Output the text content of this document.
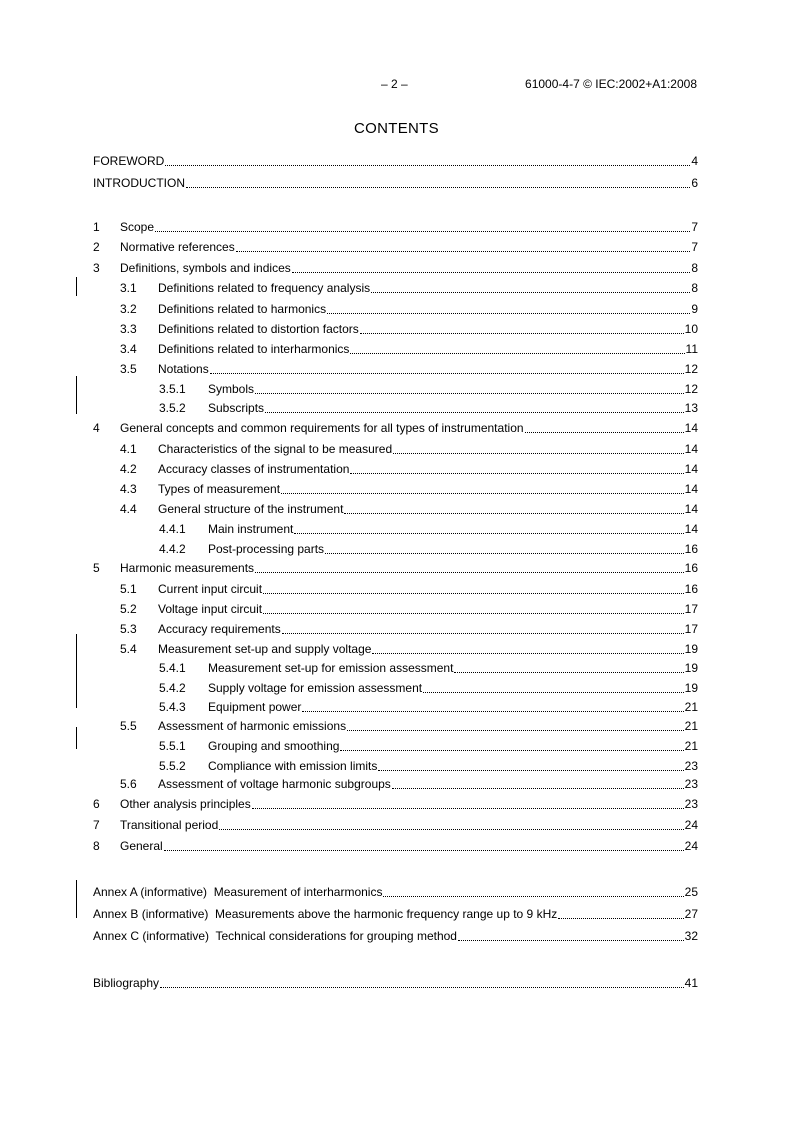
– 2 –	61000-4-7 © IEC:2002+A1:2008
CONTENTS
FOREWORD	4
INTRODUCTION	6
1	Scope	7
2	Normative references	7
3	Definitions, symbols and indices	8
3.1	Definitions related to frequency analysis	8
3.2	Definitions related to harmonics	9
3.3	Definitions related to distortion factors	10
3.4	Definitions related to interharmonics	11
3.5	Notations	12
3.5.1	Symbols	12
3.5.2	Subscripts	13
4	General concepts and common requirements for all types of instrumentation	14
4.1	Characteristics of the signal to be measured	14
4.2	Accuracy classes of instrumentation	14
4.3	Types of measurement	14
4.4	General structure of the instrument	14
4.4.1	Main instrument	14
4.4.2	Post-processing parts	16
5	Harmonic measurements	16
5.1	Current input circuit	16
5.2	Voltage input circuit	17
5.3	Accuracy requirements	17
5.4	Measurement set-up and supply voltage	19
5.4.1	Measurement set-up for emission assessment	19
5.4.2	Supply voltage for emission assessment	19
5.4.3	Equipment power	21
5.5	Assessment of harmonic emissions	21
5.5.1	Grouping and smoothing	21
5.5.2	Compliance with emission limits	23
5.6	Assessment of voltage harmonic subgroups	23
6	Other analysis principles	23
7	Transitional period	24
8	General	24
Annex A (informative)  Measurement of interharmonics	25
Annex B (informative)  Measurements above the harmonic frequency range up to 9 kHz	27
Annex C (informative)  Technical considerations for grouping method	32
Bibliography	41
